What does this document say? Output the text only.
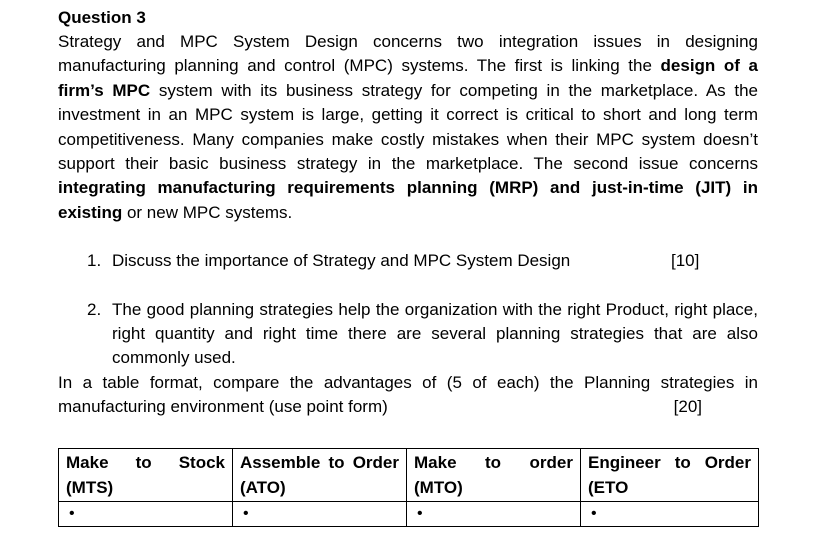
Question 3

Strategy and MPC System Design concerns two integration issues in designing manufacturing planning and control (MPC) systems. The first is linking the design of a firm’s MPC system with its business strategy for competing in the marketplace. As the investment in an MPC system is large, getting it correct is critical to short and long term competitiveness. Many companies make costly mistakes when their MPC system doesn’t support their basic business strategy in the marketplace. The second issue concerns integrating manufacturing requirements planning (MRP) and just-in-time (JIT) in existing or new MPC systems.

1. Discuss the importance of Strategy and MPC System Design	[10]
2. The good planning strategies help the organization with the right Product, right place, right quantity and right time there are several planning strategies that are also commonly used.
In a table format, compare the advantages of (5 of each) the Planning strategies in manufacturing environment (use point form)	[20]
Make to Stock (MTS)	Assemble to Order (ATO)	Make to order (MTO)	Engineer to Order (ETO
•	•	•	•
